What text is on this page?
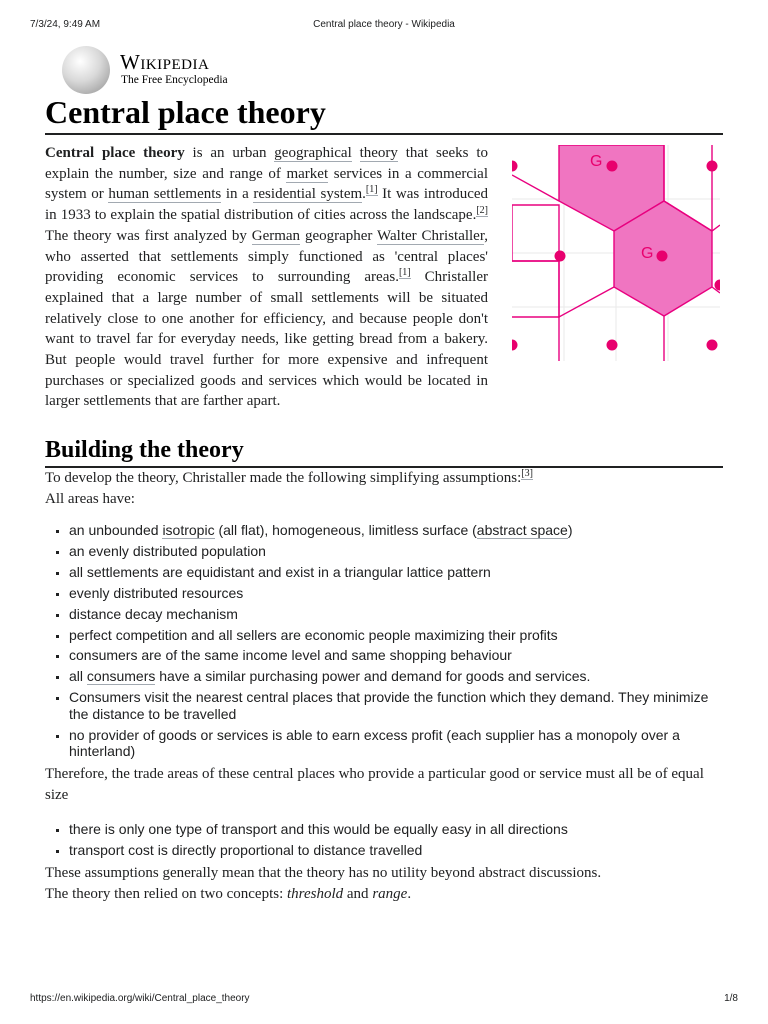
7/3/24, 9:49 AM	Central place theory - Wikipedia
Wikipedia
The Free Encyclopedia
Central place theory

Central place theory is an urban geographical theory that seeks to explain the number, size and range of market services in a commercial system or human settlements in a residential system.[1] It was introduced in 1933 to explain the spatial distribution of cities across the landscape.[2] The theory was first analyzed by German geographer Walter Christaller, who asserted that settlements simply functioned as 'central places' providing economic services to surrounding areas.[1] Christaller explained that a large number of small settlements will be situated relatively close to one another for efficiency, and because people don't want to travel far for everyday needs, like getting bread from a bakery. But people would travel further for more expensive and infrequent purchases or specialized goods and services which would be located in larger settlements that are farther apart.

G
G
Building the theory

To develop the theory, Christaller made the following simplifying assumptions:[3]

All areas have:

▪ an unbounded isotropic (all flat), homogeneous, limitless surface (abstract space)
▪ an evenly distributed population
▪ all settlements are equidistant and exist in a triangular lattice pattern
▪ evenly distributed resources
▪ distance decay mechanism
▪ perfect competition and all sellers are economic people maximizing their profits
▪ consumers are of the same income level and same shopping behaviour
▪ all consumers have a similar purchasing power and demand for goods and services.
▪ Consumers visit the nearest central places that provide the function which they demand. They minimize the distance to be travelled
▪ no provider of goods or services is able to earn excess profit (each supplier has a monopoly over a hinterland)

Therefore, the trade areas of these central places who provide a particular good or service must all be of equal size

▪ there is only one type of transport and this would be equally easy in all directions
▪ transport cost is directly proportional to distance travelled

These assumptions generally mean that the theory has no utility beyond abstract discussions.

The theory then relied on two concepts: threshold and range.

https://en.wikipedia.org/wiki/Central_place_theory	1/8
